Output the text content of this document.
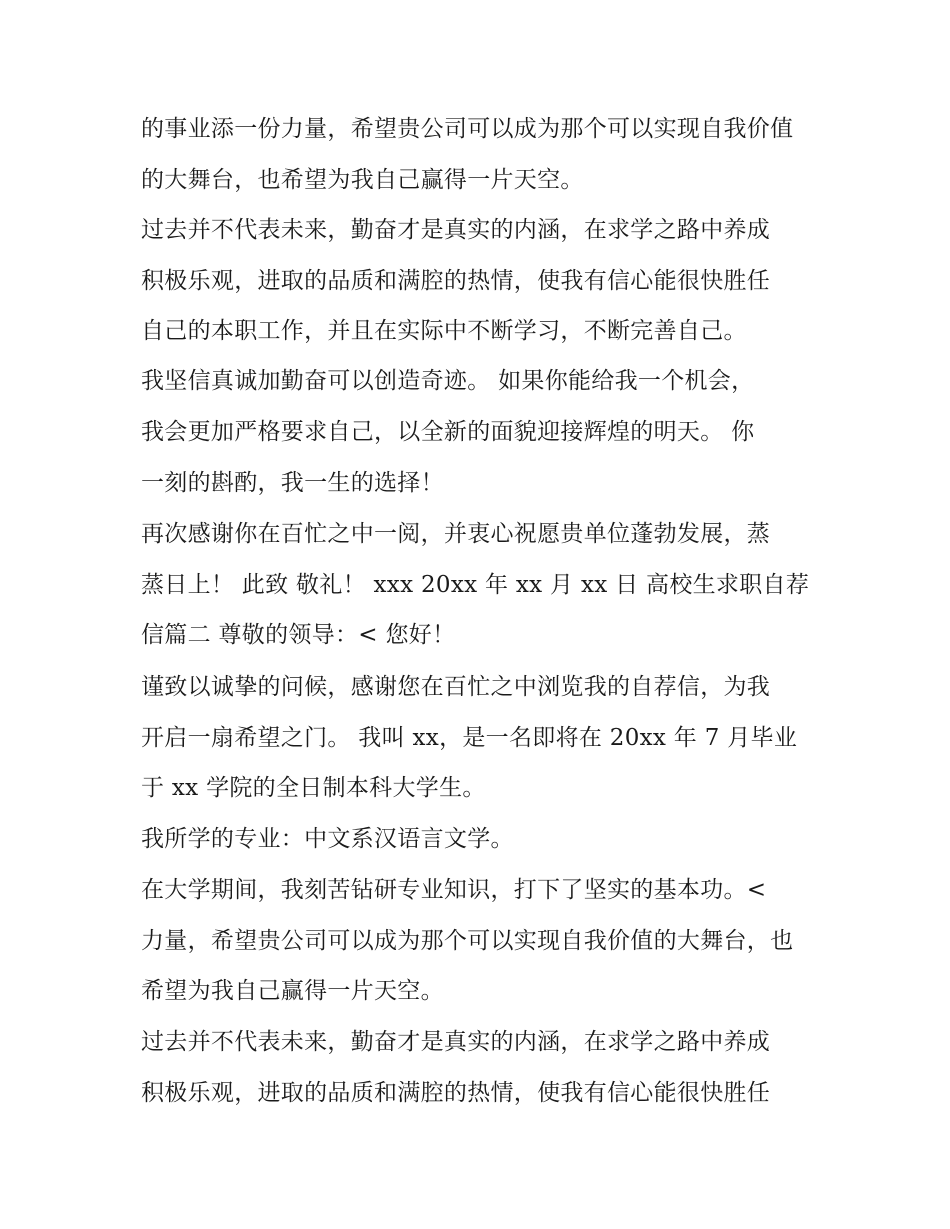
的事业添一份力量，希望贵公司可以成为那个可以实现自我价值
的大舞台，也希望为我自己赢得一片天空。
过去并不代表未来，勤奋才是真实的内涵，在求学之路中养成
积极乐观，进取的品质和满腔的热情，使我有信心能很快胜任
自己的本职工作，并且在实际中不断学习，不断完善自己。
我坚信真诚加勤奋可以创造奇迹。 如果你能给我一个机会，
我会更加严格要求自己，以全新的面貌迎接辉煌的明天。 你
一刻的斟酌，我一生的选择！
再次感谢你在百忙之中一阅，并衷心祝愿贵单位蓬勃发展，蒸
蒸日上！ 此致 敬礼！ xxx 20xx 年 xx 月 xx 日 高校生求职自荐
信篇二 尊敬的领导：< 您好！
谨致以诚挚的问候，感谢您在百忙之中浏览我的自荐信，为我
开启一扇希望之门。 我叫 xx，是一名即将在 20xx 年 7 月毕业
于 xx 学院的全日制本科大学生。
我所学的专业：中文系汉语言文学。
在大学期间，我刻苦钻研专业知识，打下了坚实的基本功。<
力量，希望贵公司可以成为那个可以实现自我价值的大舞台，也
希望为我自己赢得一片天空。
过去并不代表未来，勤奋才是真实的内涵，在求学之路中养成
积极乐观，进取的品质和满腔的热情，使我有信心能很快胜任
